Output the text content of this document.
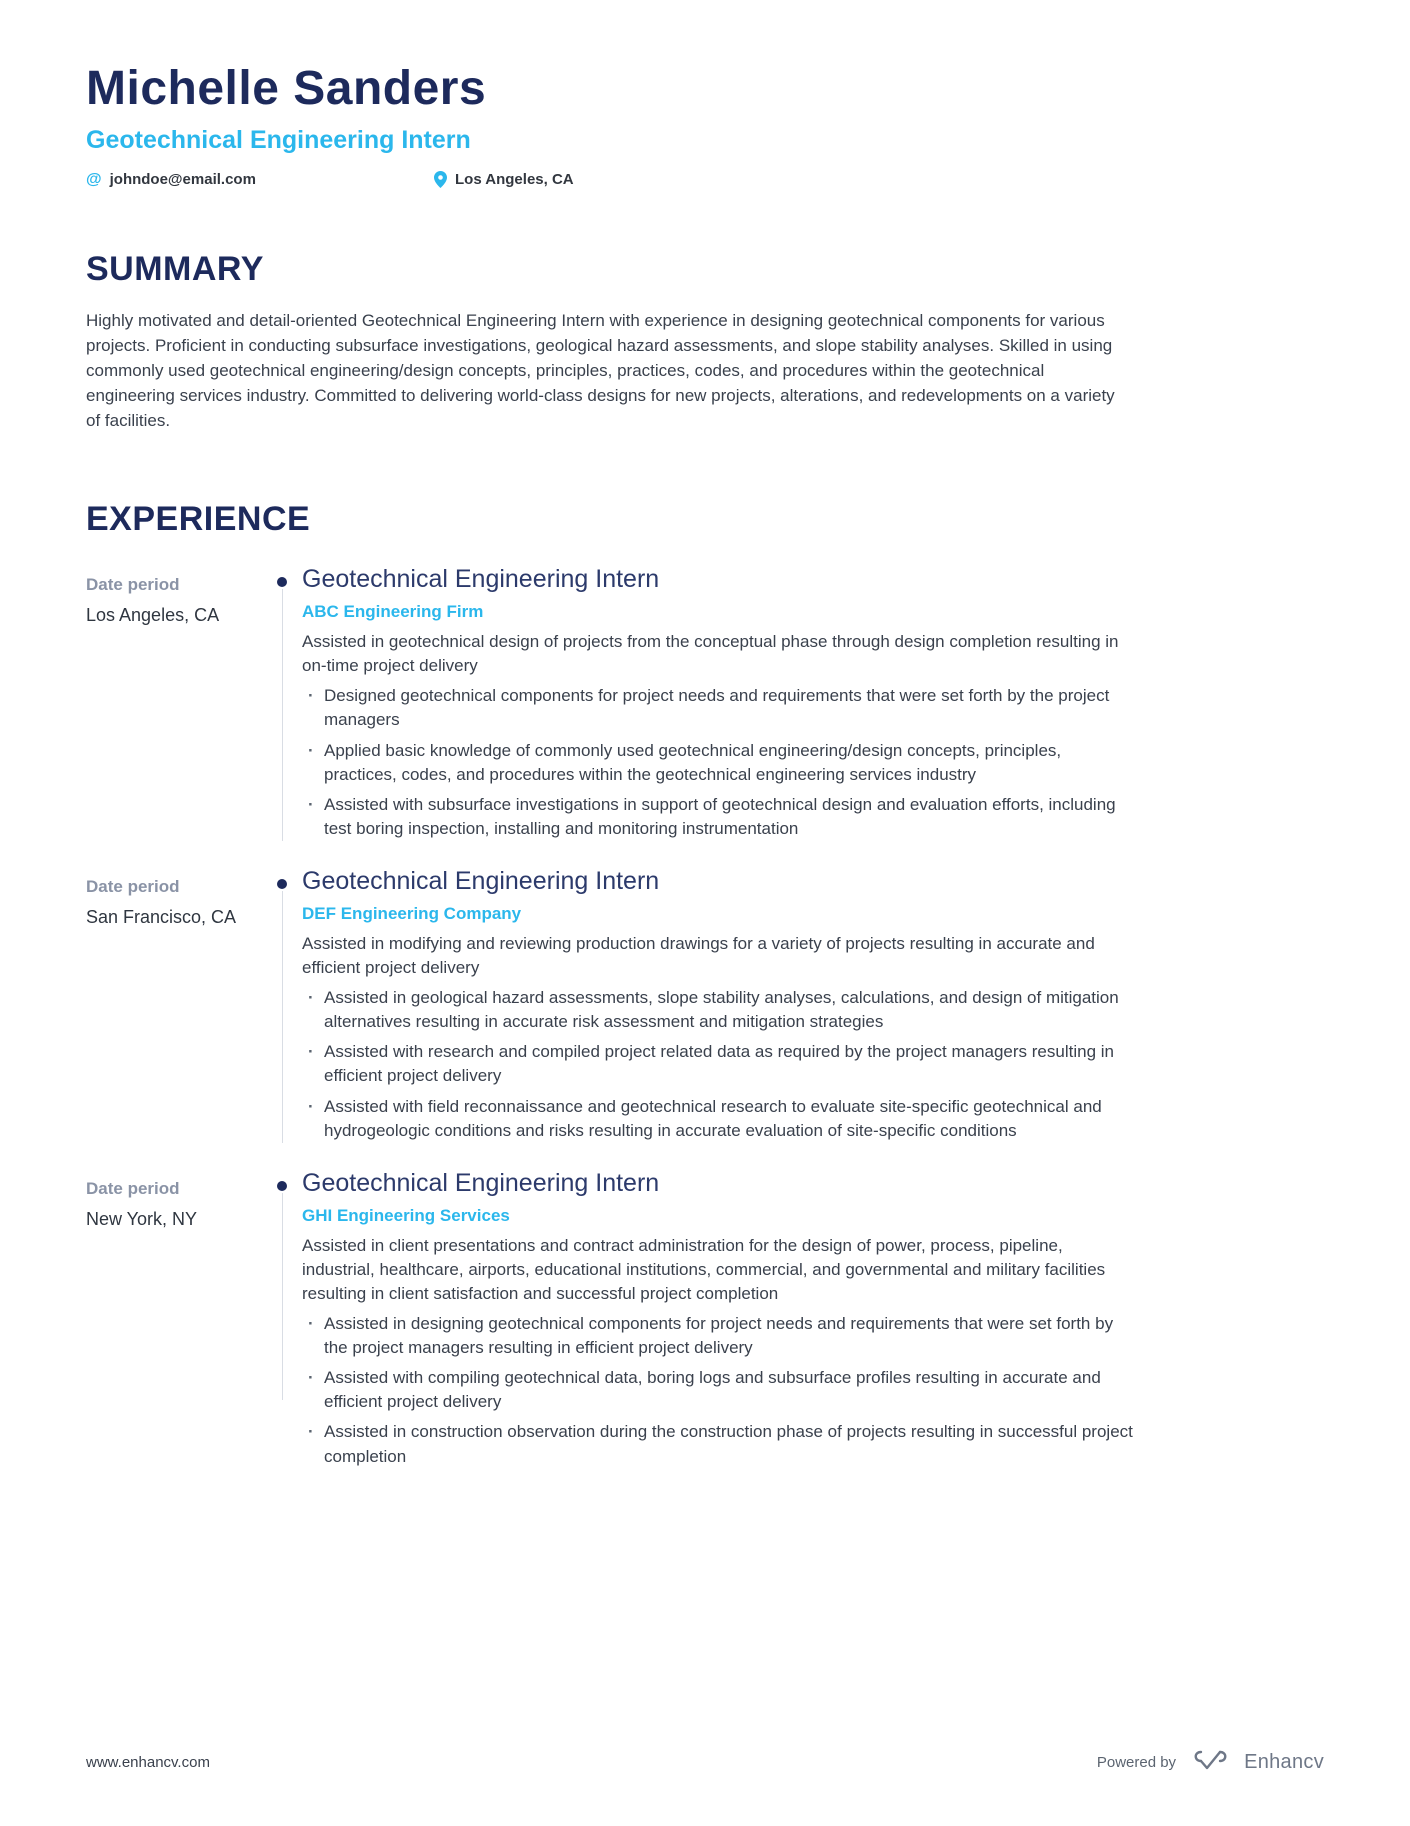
Michelle Sanders
Geotechnical Engineering Intern
@ johndoe@email.com	Los Angeles, CA
SUMMARY
Highly motivated and detail-oriented Geotechnical Engineering Intern with experience in designing geotechnical components for various projects. Proficient in conducting subsurface investigations, geological hazard assessments, and slope stability analyses. Skilled in using commonly used geotechnical engineering/design concepts, principles, practices, codes, and procedures within the geotechnical engineering services industry. Committed to delivering world-class designs for new projects, alterations, and redevelopments on a variety of facilities.
EXPERIENCE
Date period
Los Angeles, CA
Geotechnical Engineering Intern
ABC Engineering Firm
Assisted in geotechnical design of projects from the conceptual phase through design completion resulting in on-time project delivery
· Designed geotechnical components for project needs and requirements that were set forth by the project managers
· Applied basic knowledge of commonly used geotechnical engineering/design concepts, principles, practices, codes, and procedures within the geotechnical engineering services industry
· Assisted with subsurface investigations in support of geotechnical design and evaluation efforts, including test boring inspection, installing and monitoring instrumentation
Date period
San Francisco, CA
Geotechnical Engineering Intern
DEF Engineering Company
Assisted in modifying and reviewing production drawings for a variety of projects resulting in accurate and efficient project delivery
· Assisted in geological hazard assessments, slope stability analyses, calculations, and design of mitigation alternatives resulting in accurate risk assessment and mitigation strategies
· Assisted with research and compiled project related data as required by the project managers resulting in efficient project delivery
· Assisted with field reconnaissance and geotechnical research to evaluate site-specific geotechnical and hydrogeologic conditions and risks resulting in accurate evaluation of site-specific conditions
Date period
New York, NY
Geotechnical Engineering Intern
GHI Engineering Services
Assisted in client presentations and contract administration for the design of power, process, pipeline, industrial, healthcare, airports, educational institutions, commercial, and governmental and military facilities resulting in client satisfaction and successful project completion
· Assisted in designing geotechnical components for project needs and requirements that were set forth by the project managers resulting in efficient project delivery
· Assisted with compiling geotechnical data, boring logs and subsurface profiles resulting in accurate and efficient project delivery
· Assisted in construction observation during the construction phase of projects resulting in successful project completion
www.enhancv.com	Powered by	Enhancv
